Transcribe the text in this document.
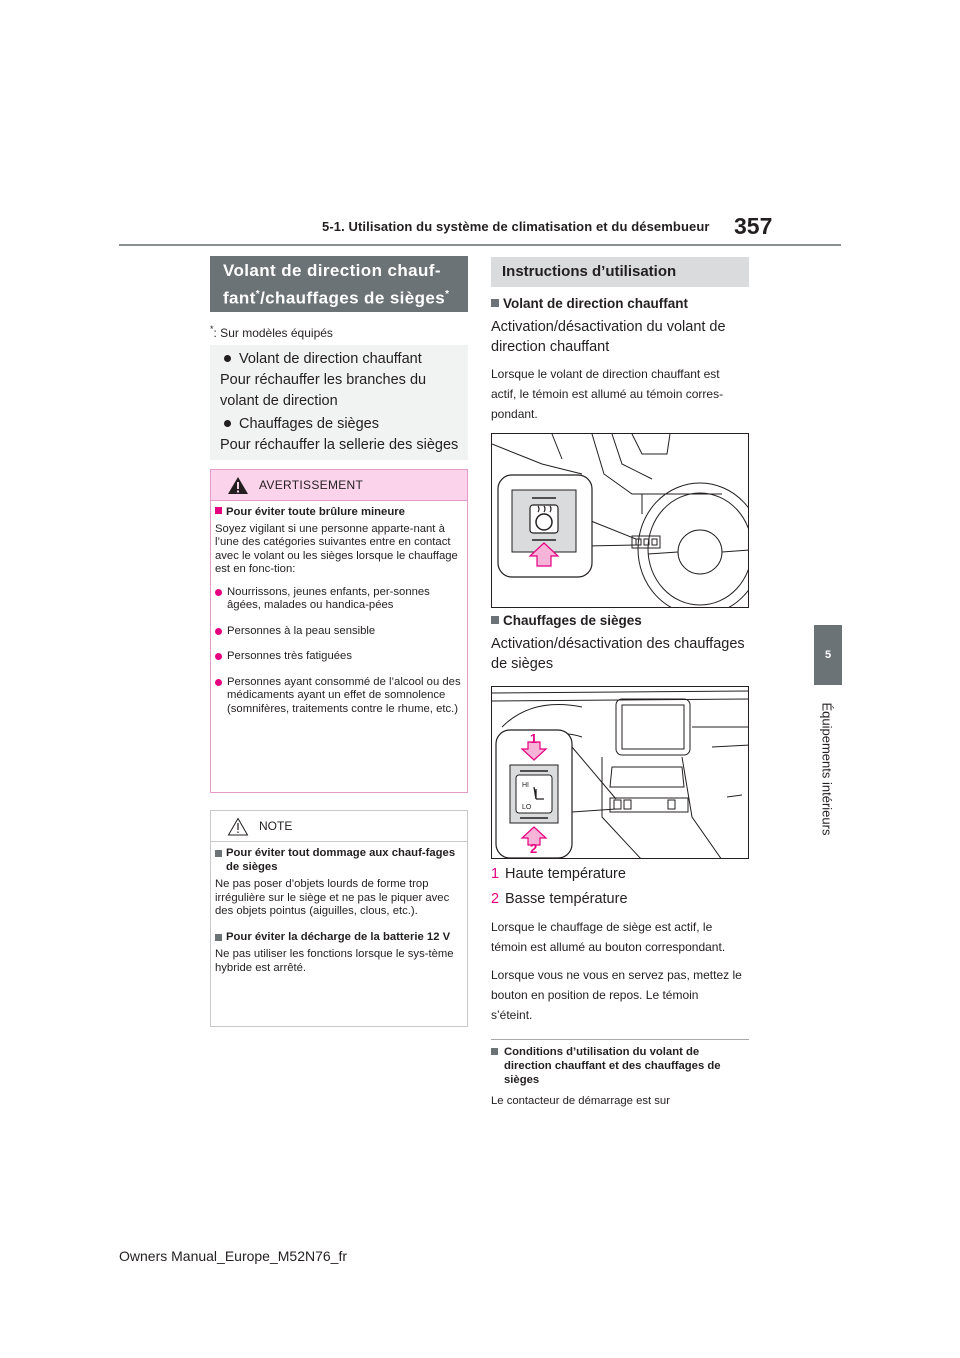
5-1. Utilisation du système de climatisation et du désembueur 357
5
Équipements intérieurs
Volant de direction chauf-
fant*/chauffages de sièges*
*: Sur modèles équipés
Volant de direction chauffant
Pour réchauffer les branches du volant de direction
Chauffages de sièges
Pour réchauffer la sellerie des sièges
AVERTISSEMENT
Pour éviter toute brûlure mineure
Soyez vigilant si une personne apparte-nant à l’une des catégories suivantes entre en contact avec le volant ou les sièges lorsque le chauffage est en fonc-tion:
Nourrissons, jeunes enfants, per-sonnes âgées, malades ou handica-pées
Personnes à la peau sensible
Personnes très fatiguées
Personnes ayant consommé de l’alcool ou des médicaments ayant un effet de somnolence (somnifères, traitements contre le rhume, etc.)
NOTE
Pour éviter tout dommage aux chauf-fages de sièges
Ne pas poser d’objets lourds de forme trop irrégulière sur le siège et ne pas le piquer avec des objets pointus (aiguilles, clous, etc.).
Pour éviter la décharge de la batterie 12 V
Ne pas utiliser les fonctions lorsque le sys-tème hybride est arrêté.
Instructions d’utilisation
Volant de direction chauffant
Activation/désactivation du volant de direction chauffant
Lorsque le volant de direction chauffant est actif, le témoin est allumé au témoin corres-pondant.
Chauffages de sièges
Activation/désactivation des chauffages de sièges
HI
LO
1
2
1 Haute température
2 Basse température
Lorsque le chauffage de siège est actif, le témoin est allumé au bouton correspondant.
Lorsque vous ne vous en servez pas, mettez le bouton en position de repos. Le témoin s’éteint.
Conditions d’utilisation du volant de direction chauffant et des chauffages de sièges
Le contacteur de démarrage est sur
Owners Manual_Europe_M52N76_fr
